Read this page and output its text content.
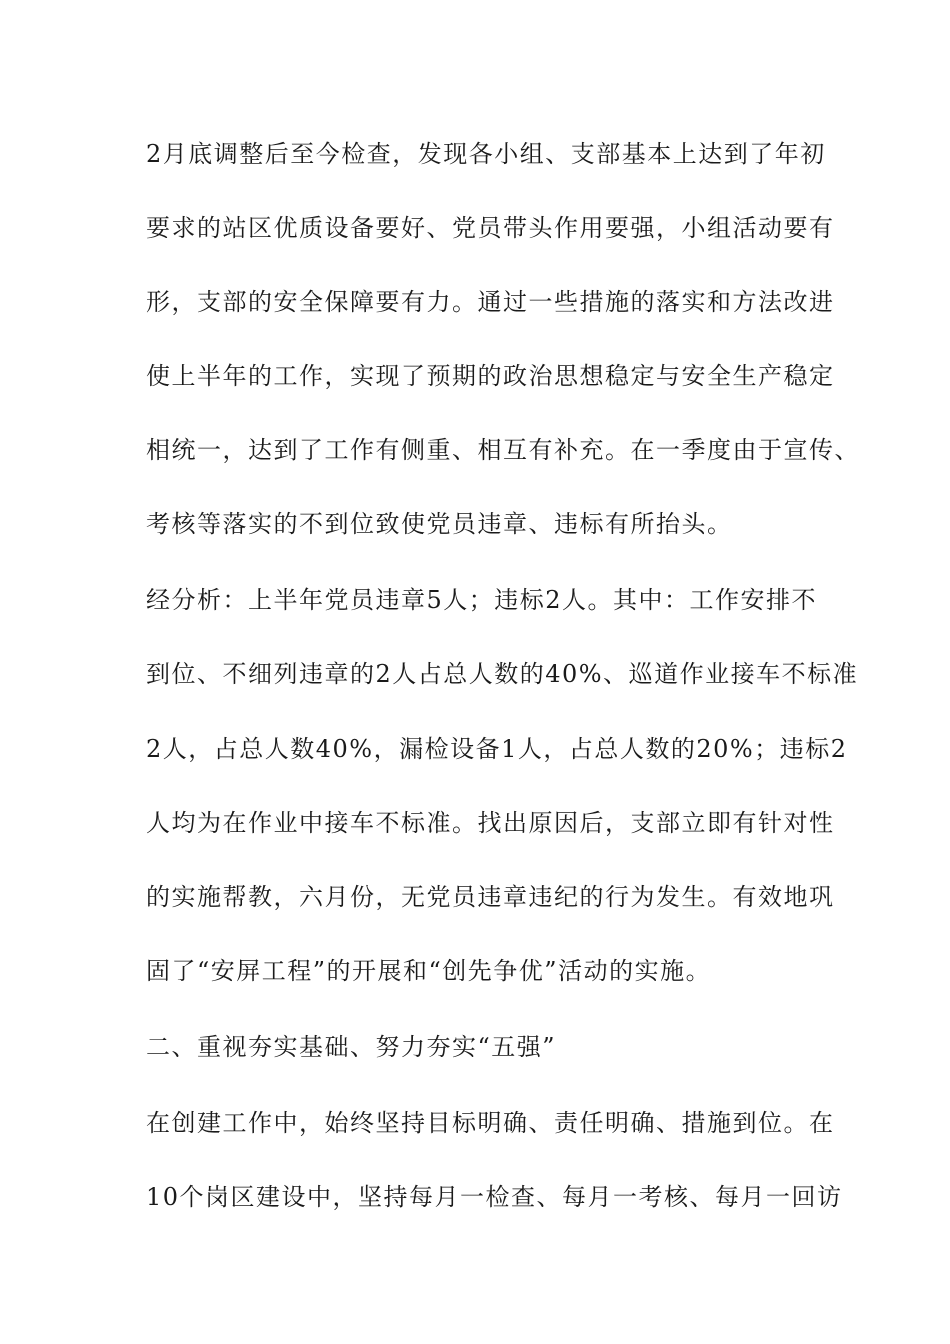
2月底调整后至今检查，发现各小组、支部基本上达到了年初
要求的站区优质设备要好、党员带头作用要强，小组活动要有
形，支部的安全保障要有力。通过一些措施的落实和方法改进
使上半年的工作，实现了预期的政治思想稳定与安全生产稳定
相统一，达到了工作有侧重、相互有补充。在一季度由于宣传、
考核等落实的不到位致使党员违章、违标有所抬头。
经分析：上半年党员违章5人；违标2人。其中：工作安排不
到位、不细列违章的2人占总人数的40%、巡道作业接车不标准
2人，占总人数40%，漏检设备1人，占总人数的20%；违标2
人均为在作业中接车不标准。找出原因后，支部立即有针对性
的实施帮教，六月份，无党员违章违纪的行为发生。有效地巩
固了“安屏工程”的开展和“创先争优”活动的实施。
二、重视夯实基础、努力夯实“五强”
在创建工作中，始终坚持目标明确、责任明确、措施到位。在
10个岗区建设中，坚持每月一检查、每月一考核、每月一回访
